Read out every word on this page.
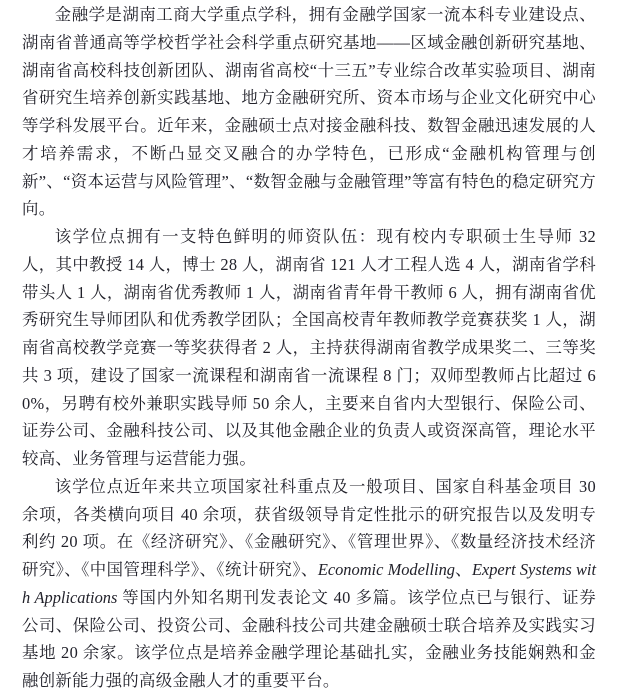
金融学是湖南工商大学重点学科，拥有金融学国家一流本科专业建设点、湖南省普通高等学校哲学社会科学重点研究基地——区域金融创新研究基地、湖南省高校科技创新团队、湖南省高校“十三五”专业综合改革实验项目、湖南省研究生培养创新实践基地、地方金融研究所、资本市场与企业文化研究中心等学科发展平台。近年来，金融硕士点对接金融科技、数智金融迅速发展的人才培养需求，不断凸显交叉融合的办学特色，已形成“金融机构管理与创新”、“资本运营与风险管理”、“数智金融与金融管理”等富有特色的稳定研究方向。

该学位点拥有一支特色鲜明的师资队伍：现有校内专职硕士生导师 32 人，其中教授 14 人，博士 28 人，湖南省 121 人才工程人选 4 人，湖南省学科带头人 1 人，湖南省优秀教师 1 人，湖南省青年骨干教师 6 人，拥有湖南省优秀研究生导师团队和优秀教学团队；全国高校青年教师教学竞赛获奖 1 人，湖南省高校教学竞赛一等奖获得者 2 人，主持获得湖南省教学成果奖二、三等奖共 3 项，建设了国家一流课程和湖南省一流课程 8 门；双师型教师占比超过 60%，另聘有校外兼职实践导师 50 余人，主要来自省内大型银行、保险公司、证券公司、金融科技公司、以及其他金融企业的负责人或资深高管，理论水平较高、业务管理与运营能力强。

该学位点近年来共立项国家社科重点及一般项目、国家自科基金项目 30 余项，各类横向项目 40 余项，获省级领导肯定性批示的研究报告以及发明专利约 20 项。在《经济研究》、《金融研究》、《管理世界》、《数量经济技术经济研究》、《中国管理科学》、《统计研究》、Economic Modelling、Expert Systems with Applications 等国内外知名期刊发表论文 40 多篇。该学位点已与银行、证券公司、保险公司、投资公司、金融科技公司共建金融硕士联合培养及实践实习基地 20 余家。该学位点是培养金融学理论基础扎实，金融业务技能娴熟和金融创新能力强的高级金融人才的重要平台。
